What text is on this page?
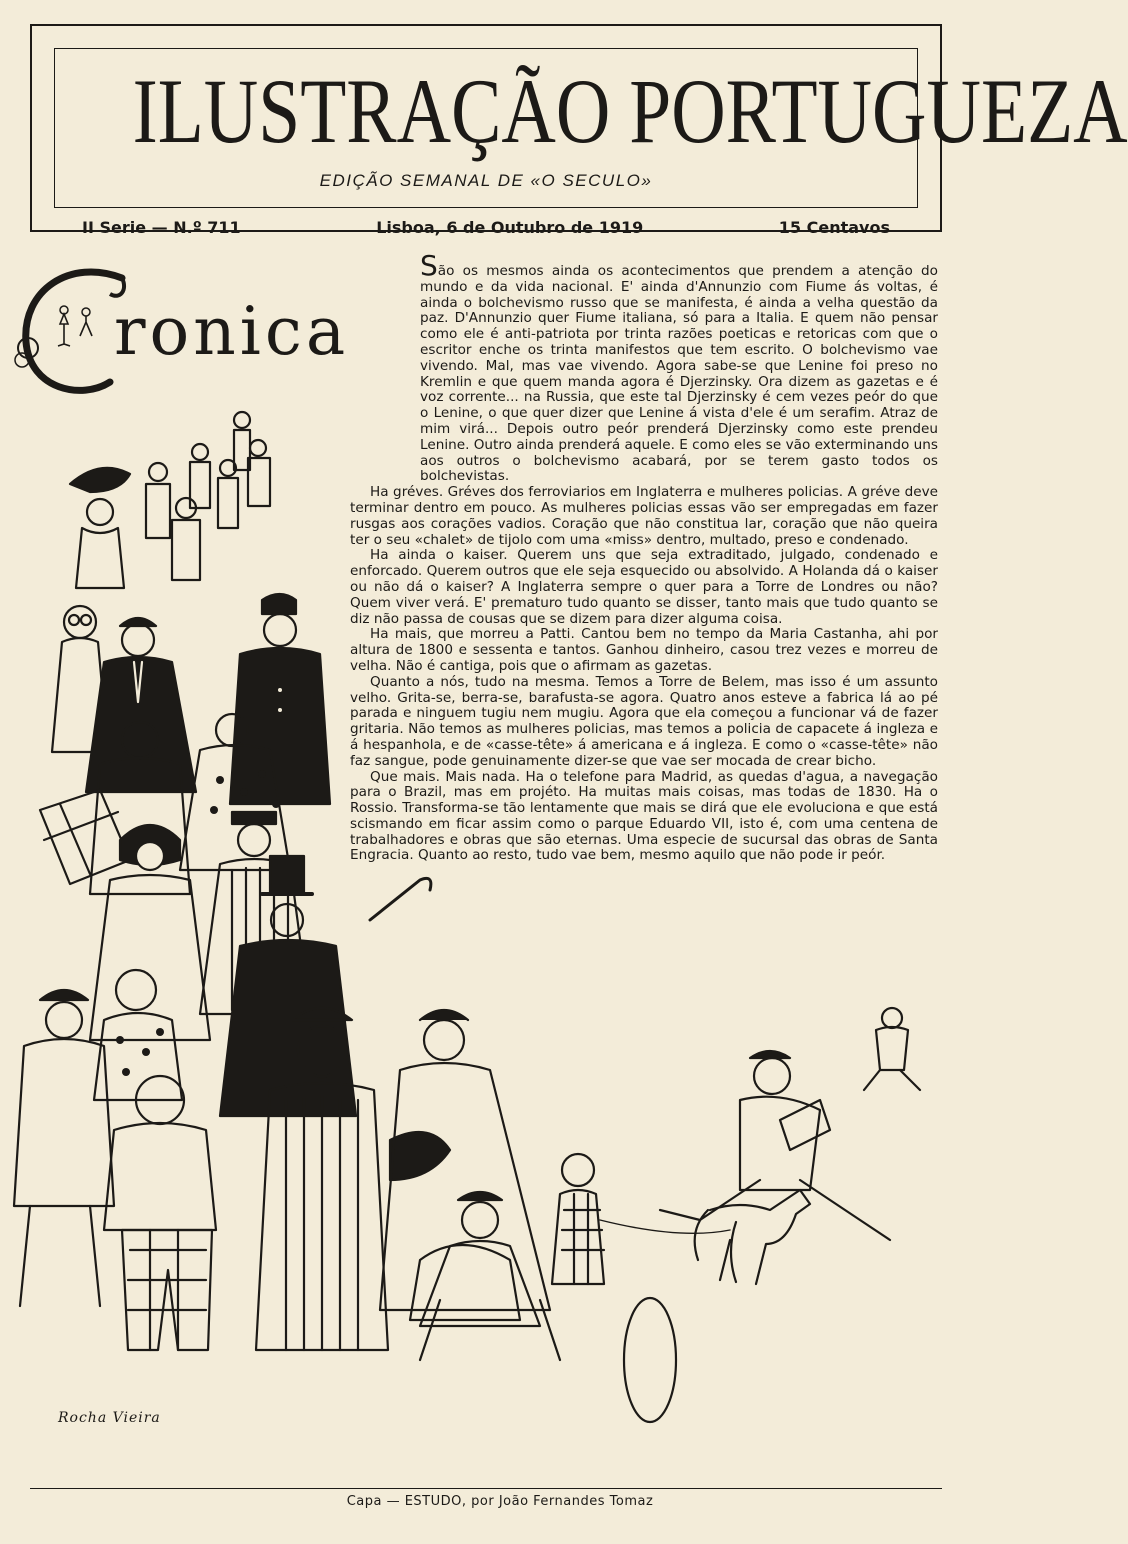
ILUSTRAÇÃO PORTUGUEZA
EDIÇÃO SEMANAL DE «O SECULO»
II Serie — N.º 711	Lisboa, 6 de Outubro de 1919	15 Centavos
ronica

São os mesmos ainda os acontecimentos que prendem a atenção do mundo e da vida nacional. E' ainda d'Annunzio com Fiume ás voltas, é ainda o bolchevismo russo que se manifesta, é ainda a velha questão da paz. D'Annunzio quer Fiume italiana, só para a Italia. E quem não pensar como ele é anti-patriota por trinta razões poeticas e retoricas com que o escritor enche os trinta manifestos que tem escrito. O bolchevismo vae vivendo. Mal, mas vae vivendo. Agora sabe-se que Lenine foi preso no Kremlin e que quem manda agora é Djerzinsky. Ora dizem as gazetas e é voz corrente... na Russia, que este tal Djerzinsky é cem vezes peór do que o Lenine, o que quer dizer que Lenine á vista d'ele é um serafim. Atraz de mim virá... Depois outro peór prenderá Djerzinsky como este prendeu Lenine. Outro ainda prenderá aquele. E como eles se vão exterminando uns aos outros o bolchevismo acabará, por se terem gasto todos os bolchevistas.

Ha gréves. Gréves dos ferroviarios em Inglaterra e mulheres policias. A gréve deve terminar dentro em pouco. As mulheres policias essas vão ser empregadas em fazer rusgas aos corações vadios. Coração que não constitua lar, coração que não queira ter o seu «chalet» de tijolo com uma «miss» dentro, multado, preso e condenado.

Ha ainda o kaiser. Querem uns que seja extraditado, julgado, condenado e enforcado. Querem outros que ele seja esquecido ou absolvido. A Holanda dá o kaiser ou não dá o kaiser? A Inglaterra sempre o quer para a Torre de Londres ou não? Quem viver verá. E' prematuro tudo quanto se disser, tanto mais que tudo quanto se diz não passa de cousas que se dizem para dizer alguma coisa.

Ha mais, que morreu a Patti. Cantou bem no tempo da Maria Castanha, ahi por altura de 1800 e sessenta e tantos. Ganhou dinheiro, casou trez vezes e morreu de velha. Não é cantiga, pois que o afirmam as gazetas.

Quanto a nós, tudo na mesma. Temos a Torre de Belem, mas isso é um assunto velho. Grita-se, berra-se, barafusta-se agora. Quatro anos esteve a fabrica lá ao pé parada e ninguem tugiu nem mugiu. Agora que ela começou a funcionar vá de fazer gritaria. Não temos as mulheres policias, mas temos a policia de capacete á ingleza e á hespanhola, e de «casse-tête» á americana e á ingleza. E como o «casse-tête» não faz sangue, pode genuinamente dizer-se que vae ser mocada de crear bicho.

Que mais. Mais nada. Ha o telefone para Madrid, as quedas d'agua, a navegação para o Brazil, mas em projéto. Ha muitas mais coisas, mas todas de 1830. Ha o Rossio. Transforma-se tão lentamente que mais se dirá que ele evoluciona e que está scismando em ficar assim como o parque Eduardo VII, isto é, com uma centena de trabalhadores e obras que são eternas. Uma especie de sucursal das obras de Santa Engracia. Quanto ao resto, tudo vae bem, mesmo aquilo que não pode ir peór.

Rocha Vieira
Capa — ESTUDO, por João Fernandes Tomaz
